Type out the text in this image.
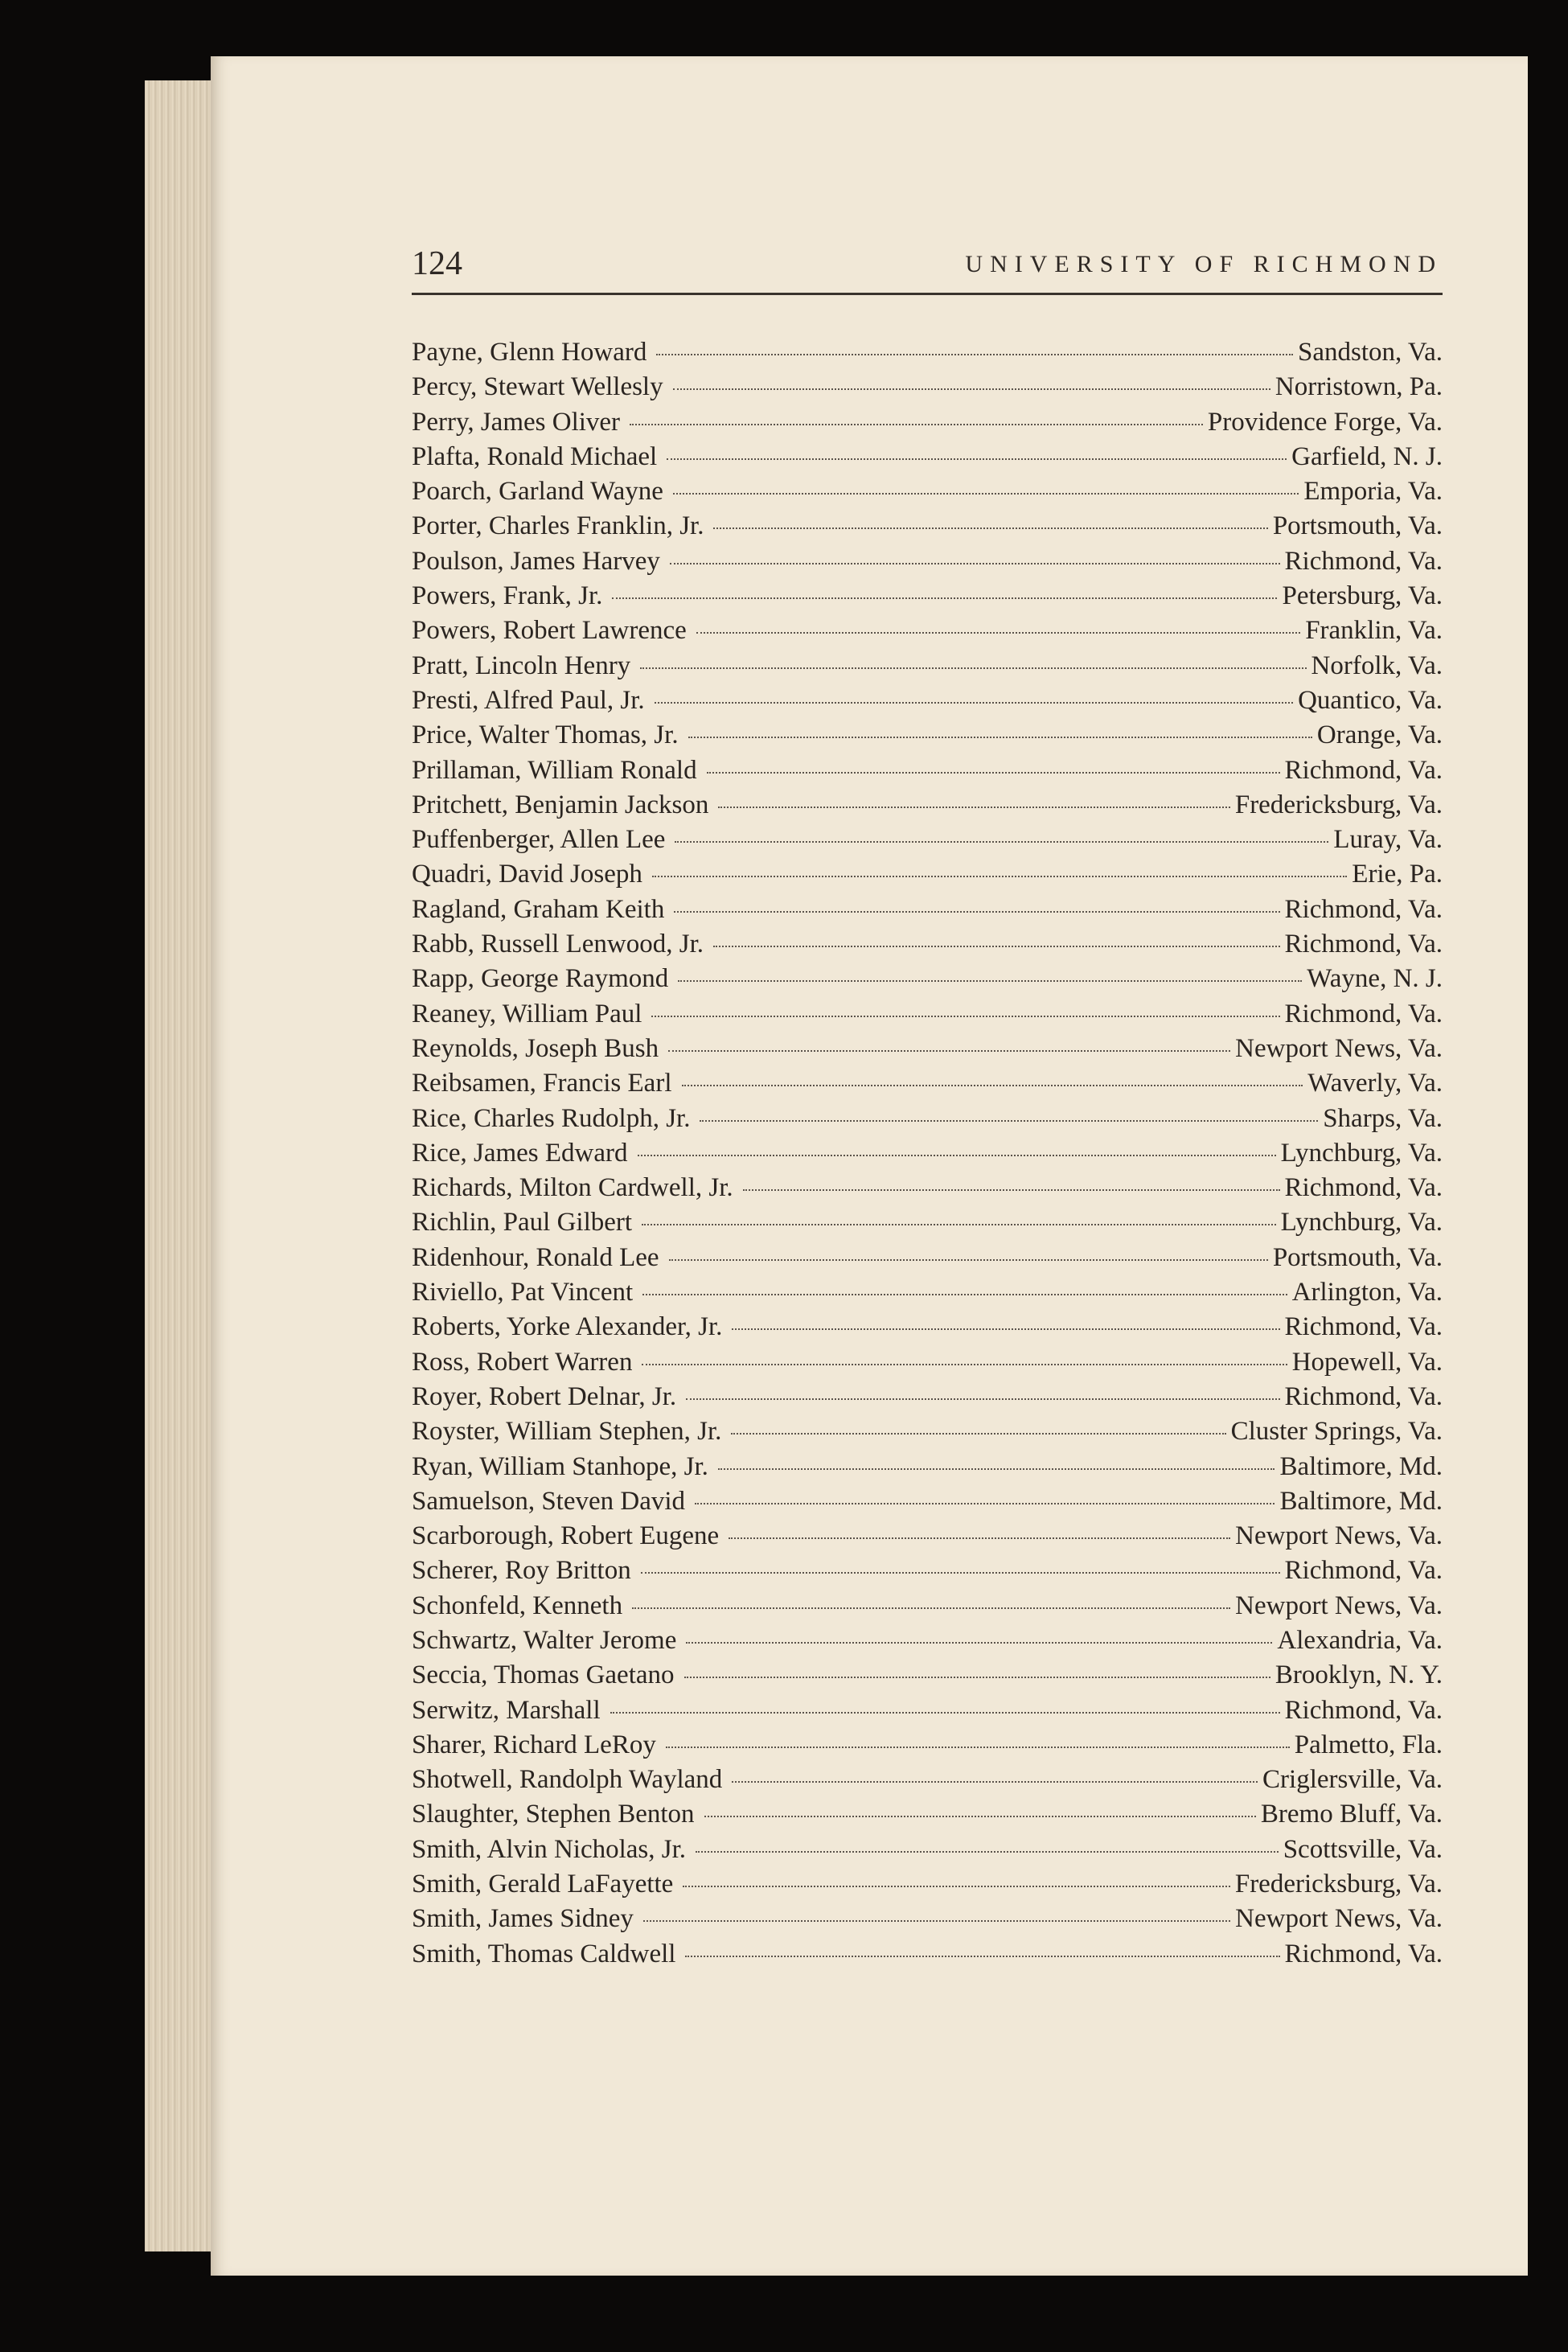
124	UNIVERSITY OF RICHMOND
Payne, Glenn Howard	Sandston, Va.
Percy, Stewart Wellesly	Norristown, Pa.
Perry, James Oliver	Providence Forge, Va.
Plafta, Ronald Michael	Garfield, N. J.
Poarch, Garland Wayne	Emporia, Va.
Porter, Charles Franklin, Jr.	Portsmouth, Va.
Poulson, James Harvey	Richmond, Va.
Powers, Frank, Jr.	Petersburg, Va.
Powers, Robert Lawrence	Franklin, Va.
Pratt, Lincoln Henry	Norfolk, Va.
Presti, Alfred Paul, Jr.	Quantico, Va.
Price, Walter Thomas, Jr.	Orange, Va.
Prillaman, William Ronald	Richmond, Va.
Pritchett, Benjamin Jackson	Fredericksburg, Va.
Puffenberger, Allen Lee	Luray, Va.
Quadri, David Joseph	Erie, Pa.
Ragland, Graham Keith	Richmond, Va.
Rabb, Russell Lenwood, Jr.	Richmond, Va.
Rapp, George Raymond	Wayne, N. J.
Reaney, William Paul	Richmond, Va.
Reynolds, Joseph Bush	Newport News, Va.
Reibsamen, Francis Earl	Waverly, Va.
Rice, Charles Rudolph, Jr.	Sharps, Va.
Rice, James Edward	Lynchburg, Va.
Richards, Milton Cardwell, Jr.	Richmond, Va.
Richlin, Paul Gilbert	Lynchburg, Va.
Ridenhour, Ronald Lee	Portsmouth, Va.
Riviello, Pat Vincent	Arlington, Va.
Roberts, Yorke Alexander, Jr.	Richmond, Va.
Ross, Robert Warren	Hopewell, Va.
Royer, Robert Delnar, Jr.	Richmond, Va.
Royster, William Stephen, Jr.	Cluster Springs, Va.
Ryan, William Stanhope, Jr.	Baltimore, Md.
Samuelson, Steven David	Baltimore, Md.
Scarborough, Robert Eugene	Newport News, Va.
Scherer, Roy Britton	Richmond, Va.
Schonfeld, Kenneth	Newport News, Va.
Schwartz, Walter Jerome	Alexandria, Va.
Seccia, Thomas Gaetano	Brooklyn, N. Y.
Serwitz, Marshall	Richmond, Va.
Sharer, Richard LeRoy	Palmetto, Fla.
Shotwell, Randolph Wayland	Criglersville, Va.
Slaughter, Stephen Benton	Bremo Bluff, Va.
Smith, Alvin Nicholas, Jr.	Scottsville, Va.
Smith, Gerald LaFayette	Fredericksburg, Va.
Smith, James Sidney	Newport News, Va.
Smith, Thomas Caldwell	Richmond, Va.
